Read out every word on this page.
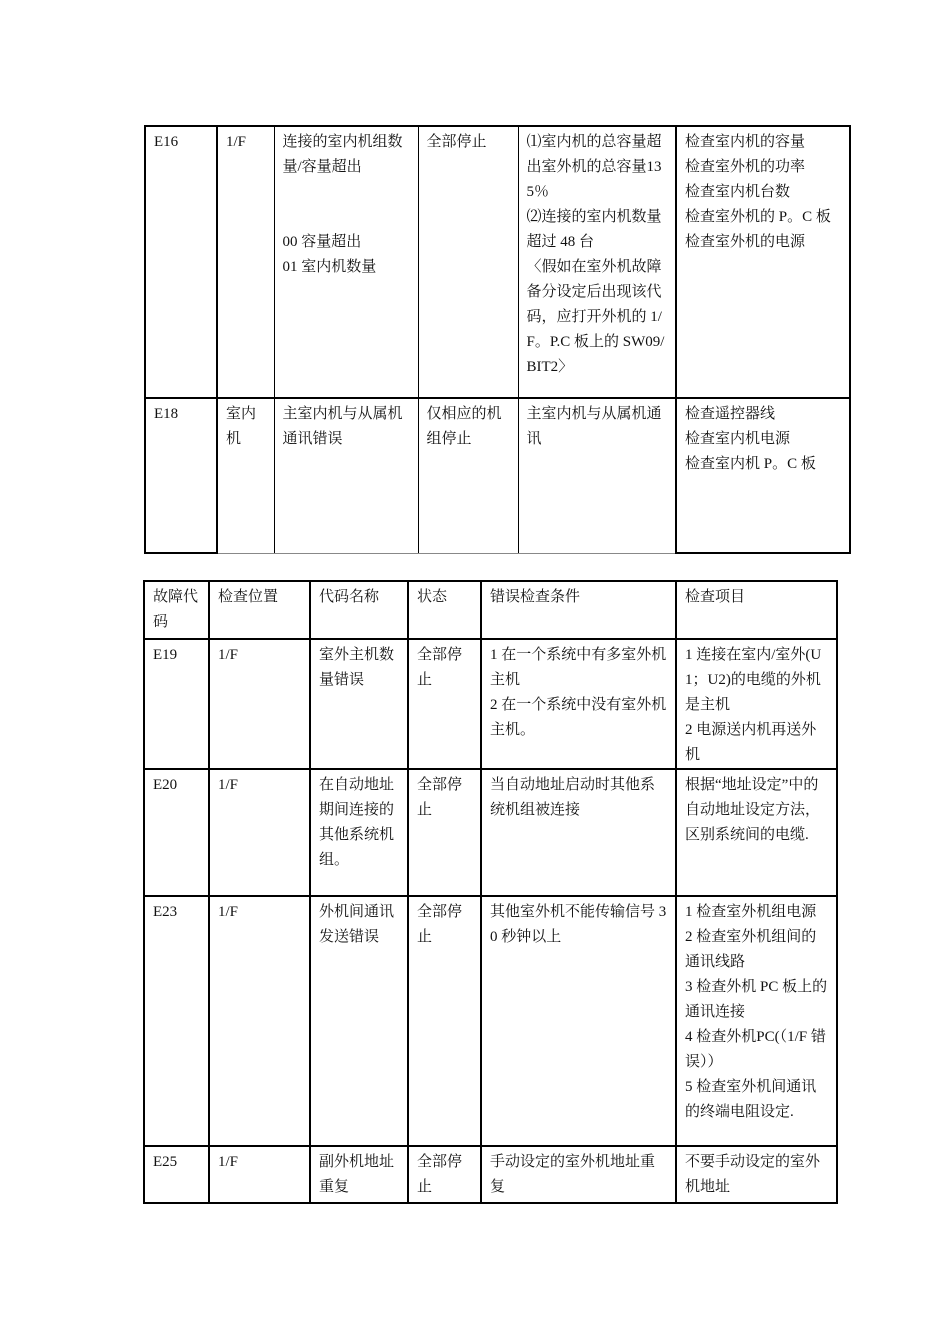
E16	1/F	连接的室内机组数量/容量超出

00 容量超出
01 室内机数量	全部停止	⑴室内机的总容量超出室外机的总容量135％
⑵连接的室内机数量超过 48 台
〈假如在室外机故障备分设定后出现该代码，应打开外机的 1/F。P.C 板上的 SW09/BIT2〉	检查室内机的容量
检查室外机的功率
检查室内机台数
检查室外机的 P。C 板
检查室外机的电源

E18	室内机	主室内机与从属机通讯错误	仅相应的机组停止	主室内机与从属机通讯	检查遥控器线
检查室内机电源
检查室内机 P。C 板
故障代码	检查位置	代码名称	状态	错误检查条件	检查项目

E19	1/F	室外主机数量错误	全部停止	1 在一个系统中有多室外机主机
2 在一个系统中没有室外机主机。	1 连接在室内/室外(U1；U2)的电缆的外机是主机
2 电源送内机再送外机

E20	1/F	在自动地址期间连接的其他系统机组。	全部停止	当自动地址启动时其他系统机组被连接	根据“地址设定”中的自动地址设定方法，区别系统间的电缆.

E23	1/F	外机间通讯发送错误	全部停止	其他室外机不能传输信号 30 秒钟以上	1 检查室外机组电源
2 检查室外机组间的通讯线路
3 检查外机 PC 板上的通讯连接
4 检查外机PC(（1/F 错误））
5 检查室外机间通讯的终端电阻设定.

E25	1/F	副外机地址重复	全部停止	手动设定的室外机地址重复	不要手动设定的室外机地址
